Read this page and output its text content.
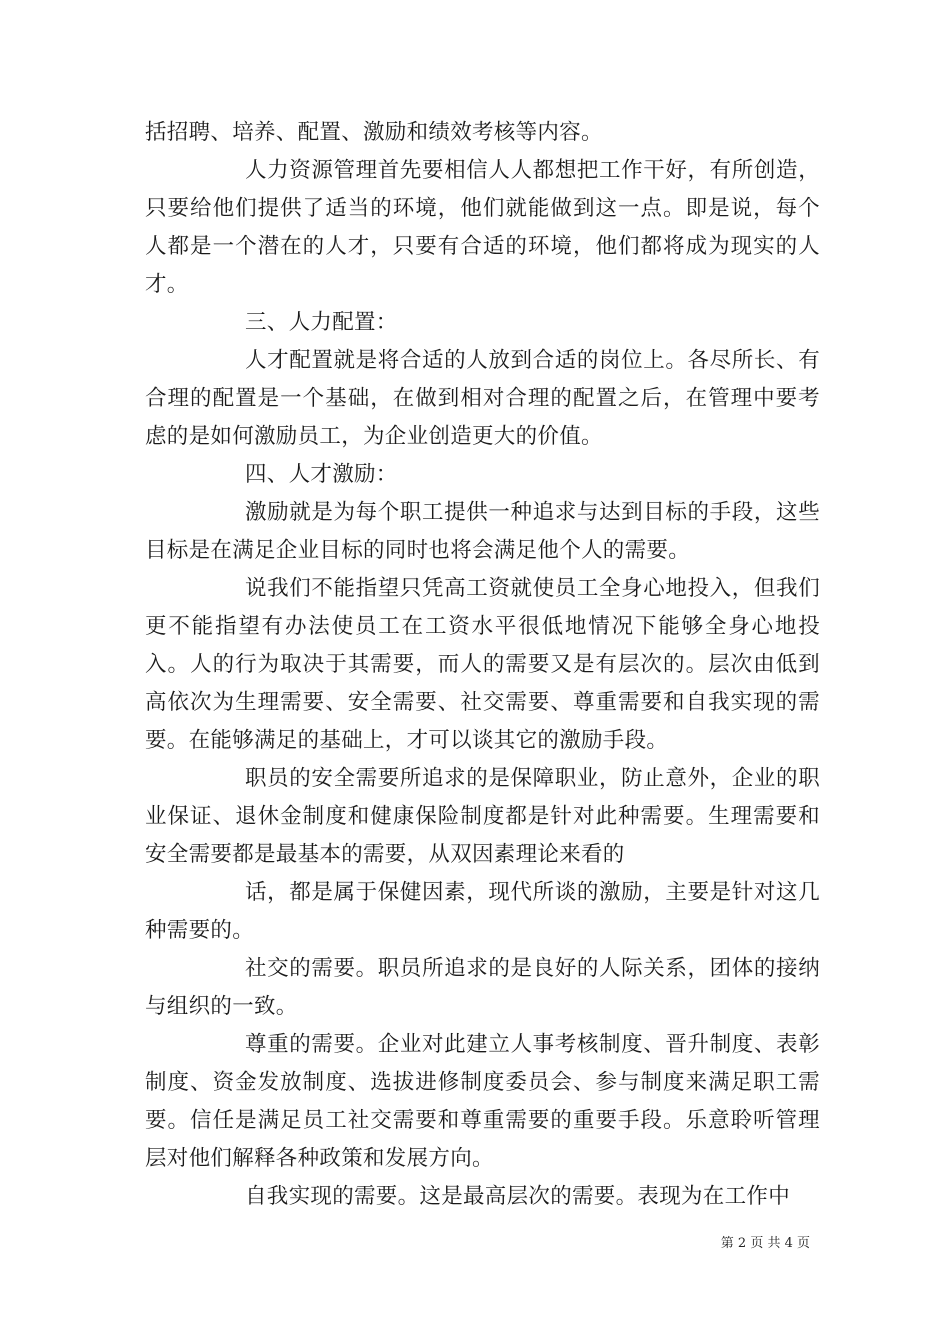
括招聘、培养、配置、激励和绩效考核等内容。

人力资源管理首先要相信人人都想把工作干好，有所创造，只要给他们提供了适当的环境，他们就能做到这一点。即是说，每个人都是一个潜在的人才，只要有合适的环境，他们都将成为现实的人才。

三、人力配置：

人才配置就是将合适的人放到合适的岗位上。各尽所长、有合理的配置是一个基础，在做到相对合理的配置之后，在管理中要考虑的是如何激励员工，为企业创造更大的价值。

四、人才激励：

激励就是为每个职工提供一种追求与达到目标的手段，这些目标是在满足企业目标的同时也将会满足他个人的需要。

说我们不能指望只凭高工资就使员工全身心地投入，但我们更不能指望有办法使员工在工资水平很低地情况下能够全身心地投入。人的行为取决于其需要，而人的需要又是有层次的。层次由低到高依次为生理需要、安全需要、社交需要、尊重需要和自我实现的需要。在能够满足的基础上，才可以谈其它的激励手段。

职员的安全需要所追求的是保障职业，防止意外，企业的职业保证、退休金制度和健康保险制度都是针对此种需要。生理需要和安全需要都是最基本的需要，从双因素理论来看的

话，都是属于保健因素，现代所谈的激励，主要是针对这几种需要的。

社交的需要。职员所追求的是良好的人际关系，团体的接纳与组织的一致。

尊重的需要。企业对此建立人事考核制度、晋升制度、表彰制度、资金发放制度、选拔进修制度委员会、参与制度来满足职工需要。信任是满足员工社交需要和尊重需要的重要手段。乐意聆听管理层对他们解释各种政策和发展方向。

自我实现的需要。这是最高层次的需要。表现为在工作中

第 2 页 共 4 页
